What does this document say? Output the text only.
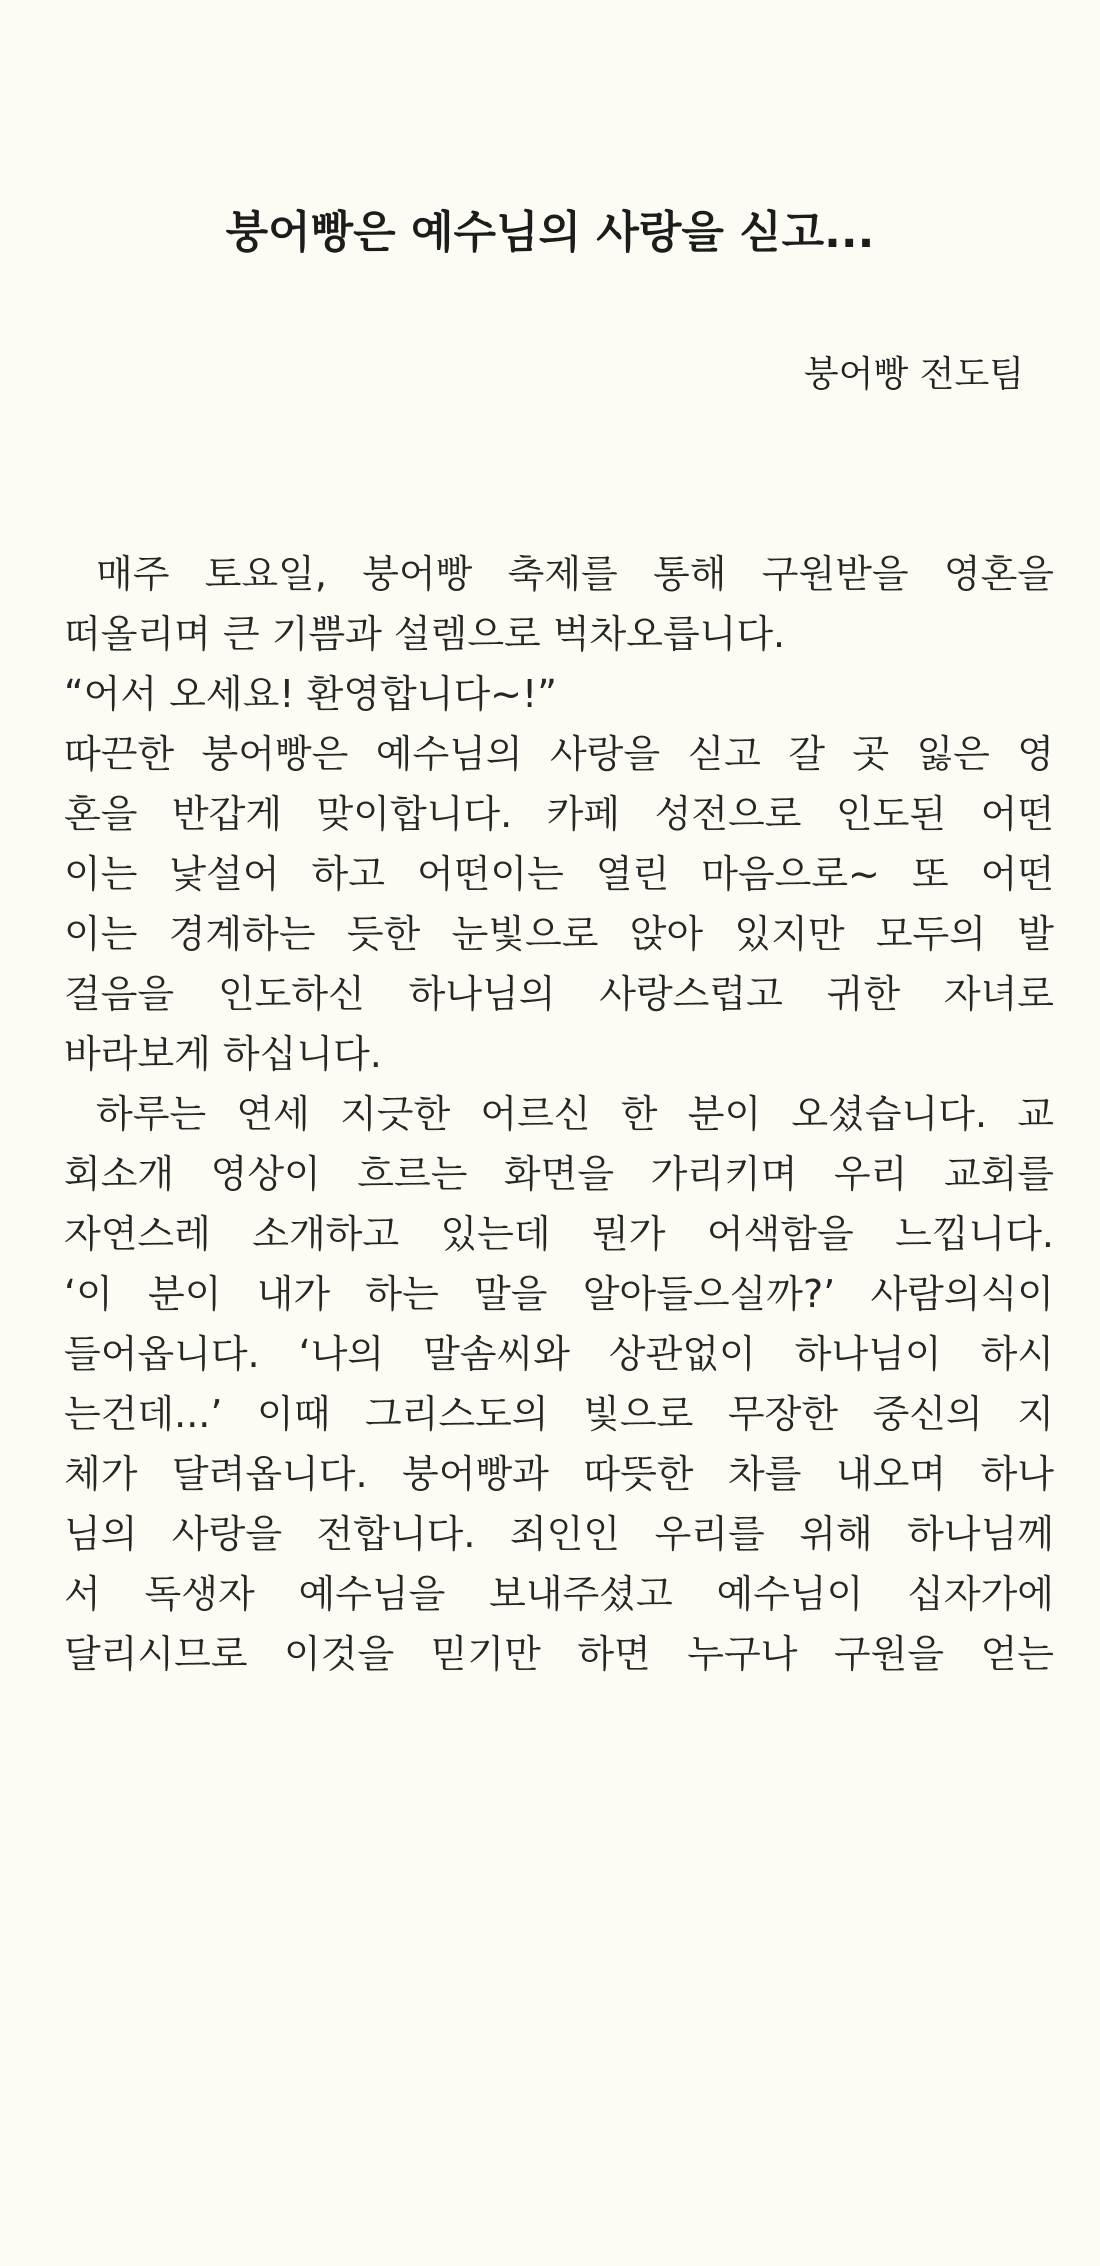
붕어빵은 예수님의 사랑을 싣고...
붕어빵 전도팀
매주 토요일, 붕어빵 축제를 통해 구원받을 영혼을
떠올리며 큰 기쁨과 설렘으로 벅차오릅니다.
“어서 오세요! 환영합니다~!”
따끈한 붕어빵은 예수님의 사랑을 싣고 갈 곳 잃은 영
혼을 반갑게 맞이합니다. 카페 성전으로 인도된 어떤
이는 낯설어 하고 어떤이는 열린 마음으로~ 또 어떤
이는 경계하는 듯한 눈빛으로 앉아 있지만 모두의 발
걸음을 인도하신 하나님의 사랑스럽고 귀한 자녀로
바라보게 하십니다.
하루는 연세 지긋한 어르신 한 분이 오셨습니다. 교
회소개 영상이 흐르는 화면을 가리키며 우리 교회를
자연스레 소개하고 있는데 뭔가 어색함을 느낍니다.
‘이 분이 내가 하는 말을 알아들으실까?’ 사람의식이
들어옵니다. ‘나의 말솜씨와 상관없이 하나님이 하시
는건데...’ 이때 그리스도의 빛으로 무장한 중신의 지
체가 달려옵니다. 붕어빵과 따뜻한 차를 내오며 하나
님의 사랑을 전합니다. 죄인인 우리를 위해 하나님께
서 독생자 예수님을 보내주셨고 예수님이 십자가에
달리시므로 이것을 믿기만 하면 누구나 구원을 얻는
